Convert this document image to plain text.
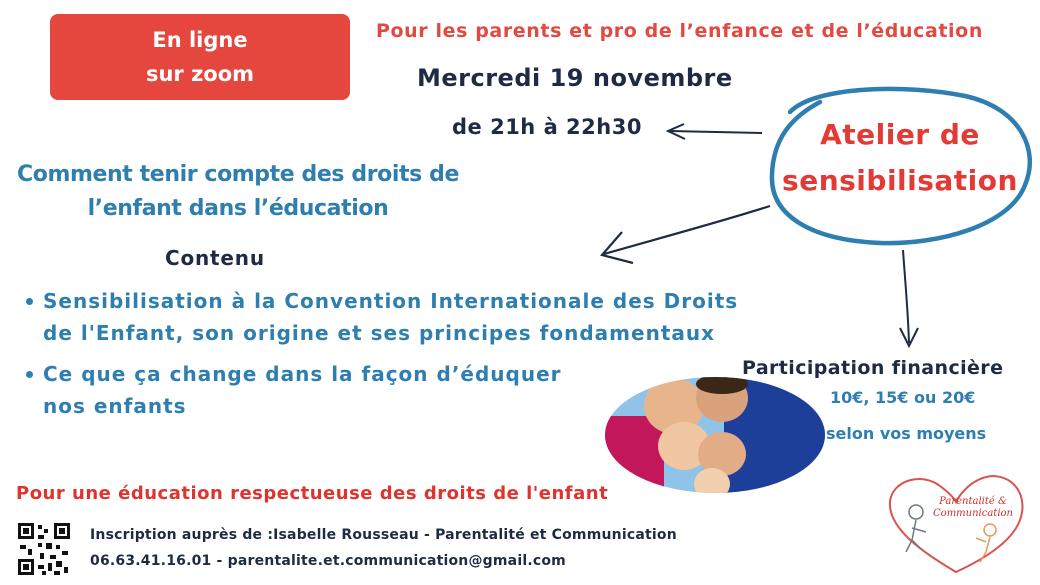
En ligne
sur zoom
Pour les parents et pro de l’enfance et de l’éducation
Mercredi 19 novembre
de 21h à 22h30	Atelier de
sensibilisation
Comment tenir compte des droits de
l’enfant dans l’éducation
Contenu
Sensibilisation à la Convention Internationale des Droits
de l'Enfant, son origine et ses principes fondamentaux
Ce que ça change dans la façon d’éduquer
nos enfants
Participation financière
10€, 15€ ou 20€
selon vos moyens
Pour une éducation respectueuse des droits de l'enfant
Inscription auprès de :Isabelle Rousseau - Parentalité et Communication
06.63.41.16.01 - parentalite.et.communication@gmail.com
Parentalité &
Communication
